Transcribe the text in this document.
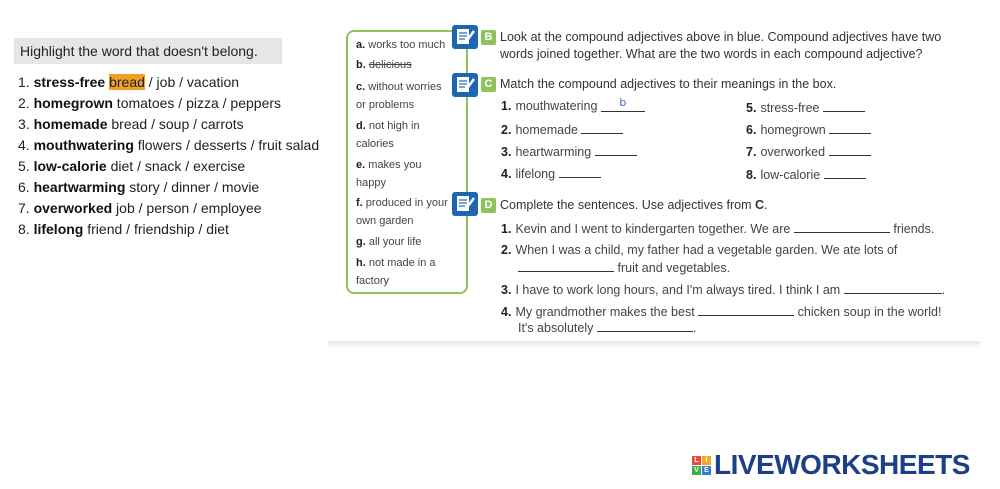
Highlight the word that doesn't belong.
1. stress-free bread / job / vacation
2. homegrown tomatoes / pizza / peppers
3. homemade bread / soup / carrots
4. mouthwatering flowers / desserts / fruit salad
5. low-calorie diet / snack / exercise
6. heartwarming story / dinner / movie
7. overworked job / person / employee
8. lifelong friend / friendship / diet
a. works too much
b. delicious
c. without worries or problems
d. not high in calories
e. makes you happy
f. produced in your own garden
g. all your life
h. not made in a factory
B Look at the compound adjectives above in blue. Compound adjectives have two words joined together. What are the two words in each compound adjective?
C Match the compound adjectives to their meanings in the box.
1. mouthwatering b
2. homemade
3. heartwarming
4. lifelong
5. stress-free
6. homegrown
7. overworked
8. low-calorie
D Complete the sentences. Use adjectives from C.
1. Kevin and I went to kindergarten together. We are	friends.
2. When I was a child, my father had a vegetable garden. We ate lots of
fruit and vegetables.
3. I have to work long hours, and I'm always tired. I think I am	.
4. My grandmother makes the best	chicken soup in the world!
It's absolutely	.
L I
V E LIVEWORKSHEETS
